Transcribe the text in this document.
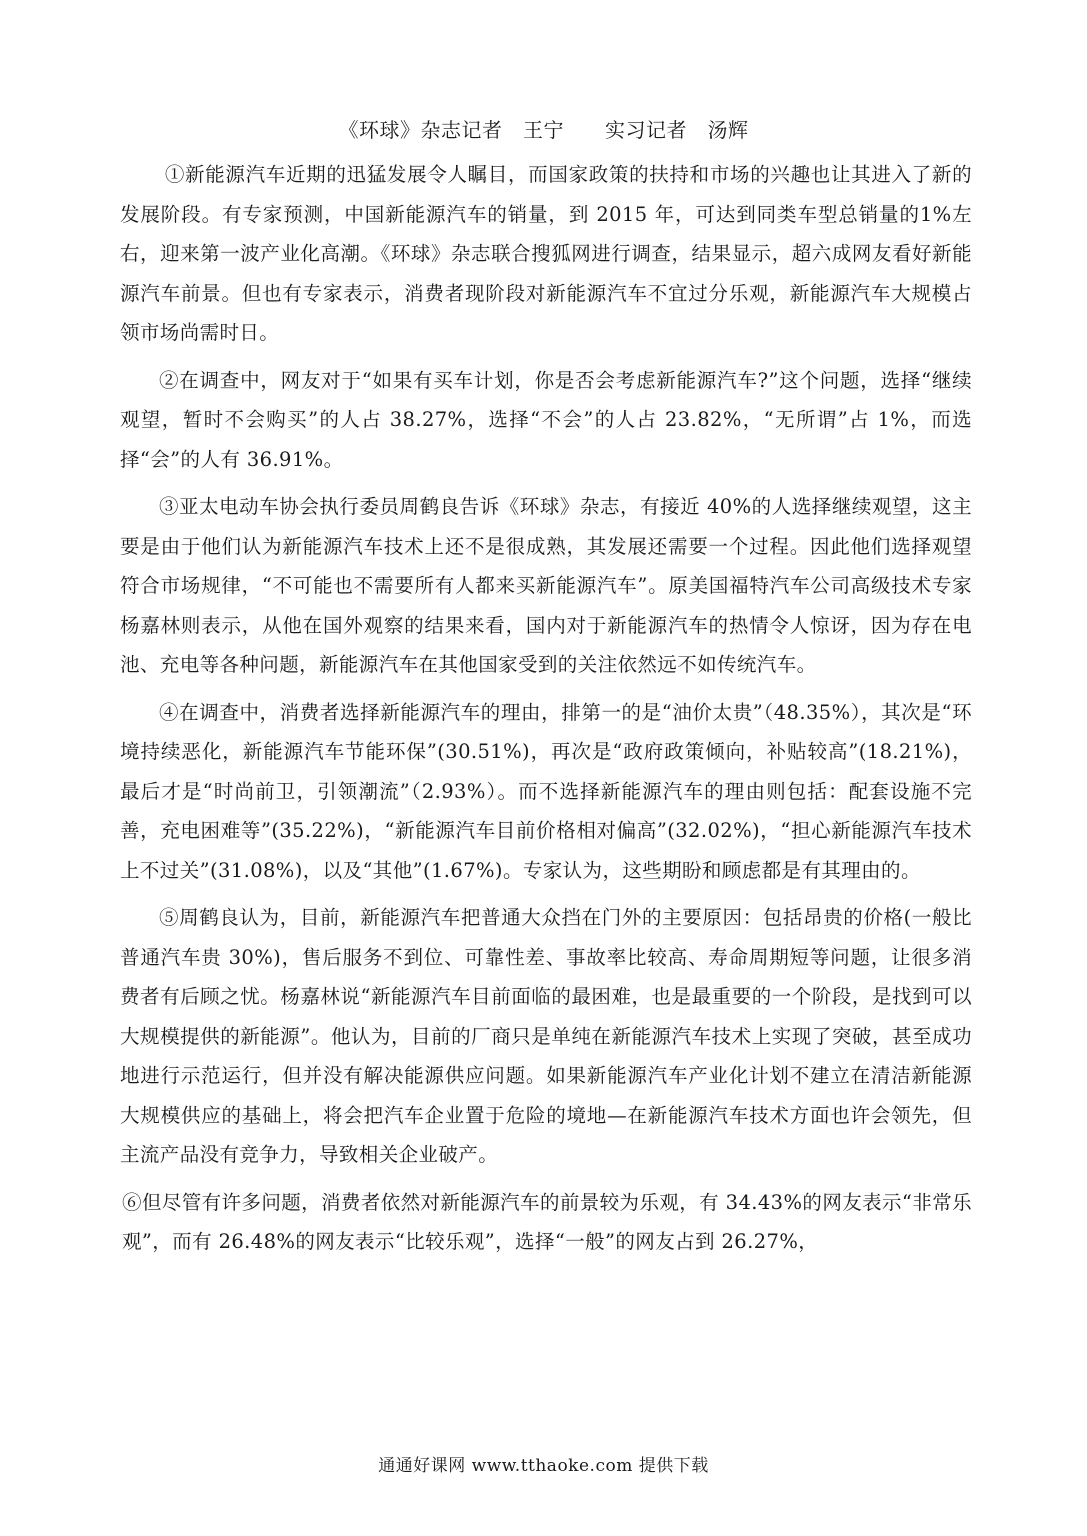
《环球》杂志记者　王宁　　实习记者　汤辉

①新能源汽车近期的迅猛发展令人瞩目，而国家政策的扶持和市场的兴趣也让其进入了新的发展阶段。有专家预测，中国新能源汽车的销量，到 2015 年，可达到同类车型总销量的1%左右，迎来第一波产业化高潮。《环球》杂志联合搜狐网进行调查，结果显示，超六成网友看好新能源汽车前景。但也有专家表示，消费者现阶段对新能源汽车不宜过分乐观，新能源汽车大规模占领市场尚需时日。

②在调查中，网友对于“如果有买车计划，你是否会考虑新能源汽车?”这个问题，选择“继续观望，暂时不会购买”的人占 38.27%，选择“不会”的人占 23.82%，“无所谓”占 1%，而选择“会”的人有 36.91%。

③亚太电动车协会执行委员周鹤良告诉《环球》杂志，有接近 40%的人选择继续观望，这主要是由于他们认为新能源汽车技术上还不是很成熟，其发展还需要一个过程。因此他们选择观望符合市场规律，“不可能也不需要所有人都来买新能源汽车”。原美国福特汽车公司高级技术专家杨嘉林则表示，从他在国外观察的结果来看，国内对于新能源汽车的热情令人惊讶，因为存在电池、充电等各种问题，新能源汽车在其他国家受到的关注依然远不如传统汽车。

④在调查中，消费者选择新能源汽车的理由，排第一的是“油价太贵”（48.35%），其次是“环境持续恶化，新能源汽车节能环保”(30.51%)，再次是“政府政策倾向，补贴较高”(18.21%)，最后才是“时尚前卫，引领潮流”（2.93%）。而不选择新能源汽车的理由则包括：配套设施不完善，充电困难等”(35.22%)，“新能源汽车目前价格相对偏高”(32.02%)，“担心新能源汽车技术上不过关”(31.08%)，以及“其他”(1.67%)。专家认为，这些期盼和顾虑都是有其理由的。

⑤周鹤良认为，目前，新能源汽车把普通大众挡在门外的主要原因：包括昂贵的价格(一般比普通汽车贵 30%)，售后服务不到位、可靠性差、事故率比较高、寿命周期短等问题，让很多消费者有后顾之忧。杨嘉林说“新能源汽车目前面临的最困难，也是最重要的一个阶段，是找到可以大规模提供的新能源”。他认为，目前的厂商只是单纯在新能源汽车技术上实现了突破，甚至成功地进行示范运行，但并没有解决能源供应问题。如果新能源汽车产业化计划不建立在清洁新能源大规模供应的基础上，将会把汽车企业置于危险的境地—在新能源汽车技术方面也许会领先，但主流产品没有竞争力，导致相关企业破产。

⑥但尽管有许多问题，消费者依然对新能源汽车的前景较为乐观，有 34.43%的网友表示“非常乐观”，而有 26.48%的网友表示“比较乐观”，选择“一般”的网友占到 26.27%，

通通好课网 www.tthaoke.com 提供下载
